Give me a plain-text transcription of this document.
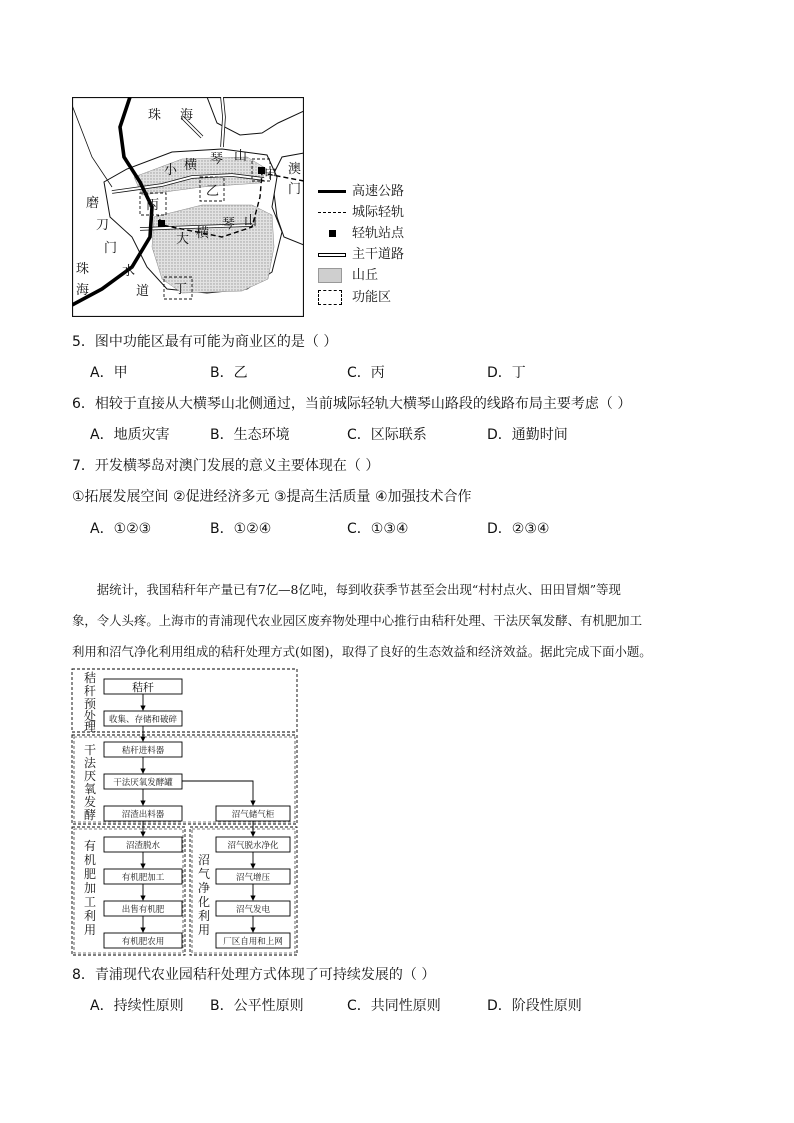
珠 海
澳
门
磨
刀
门
珠
海
水
道
小 横 琴 山
大 横
琴 山
甲
乙
丙
丁
高速公路
城际轻轨
轻轨站点
主干道路
山丘
功能区
5．图中功能区最有可能为商业区的是（ ）
A．甲	B．乙	C．丙	D．丁
6．相较于直接从大横琴山北侧通过，当前城际轻轨大横琴山路段的线路布局主要考虑（ ）
A．地质灾害	B．生态环境	C．区际联系	D．通勤时间
7．开发横琴岛对澳门发展的意义主要体现在（ ）
①拓展发展空间 ②促进经济多元 ③提高生活质量 ④加强技术合作
A．①②③	B．①②④	C．①③④	D．②③④
据统计，我国秸秆年产量已有7亿—8亿吨，每到收获季节甚至会出现“村村点火、田田冒烟”等现
象，令人头疼。上海市的青浦现代农业园区废弃物处理中心推行由秸秆处理、干法厌氧发酵、有机肥加工
利用和沼气净化利用组成的秸秆处理方式(如图)，取得了良好的生态效益和经济效益。据此完成下面小题。
秸
秆
预
处
理
干
法
厌
氧
发
酵
有
机
肥
加
工
利
用
沼
气
净
化
利
用
秸秆
收集、存储和破碎
秸秆进料器
干法厌氧发酵罐
沼渣出料器	沼气储气柜
沼渣脱水
有机肥加工
出售有机肥
有机肥农用
沼气脱水净化
沼气增压
沼气发电
厂区自用和上网
8．青浦现代农业园秸秆处理方式体现了可持续发展的（ ）
A．持续性原则 B．公平性原则	C．共同性原则	D．阶段性原则
